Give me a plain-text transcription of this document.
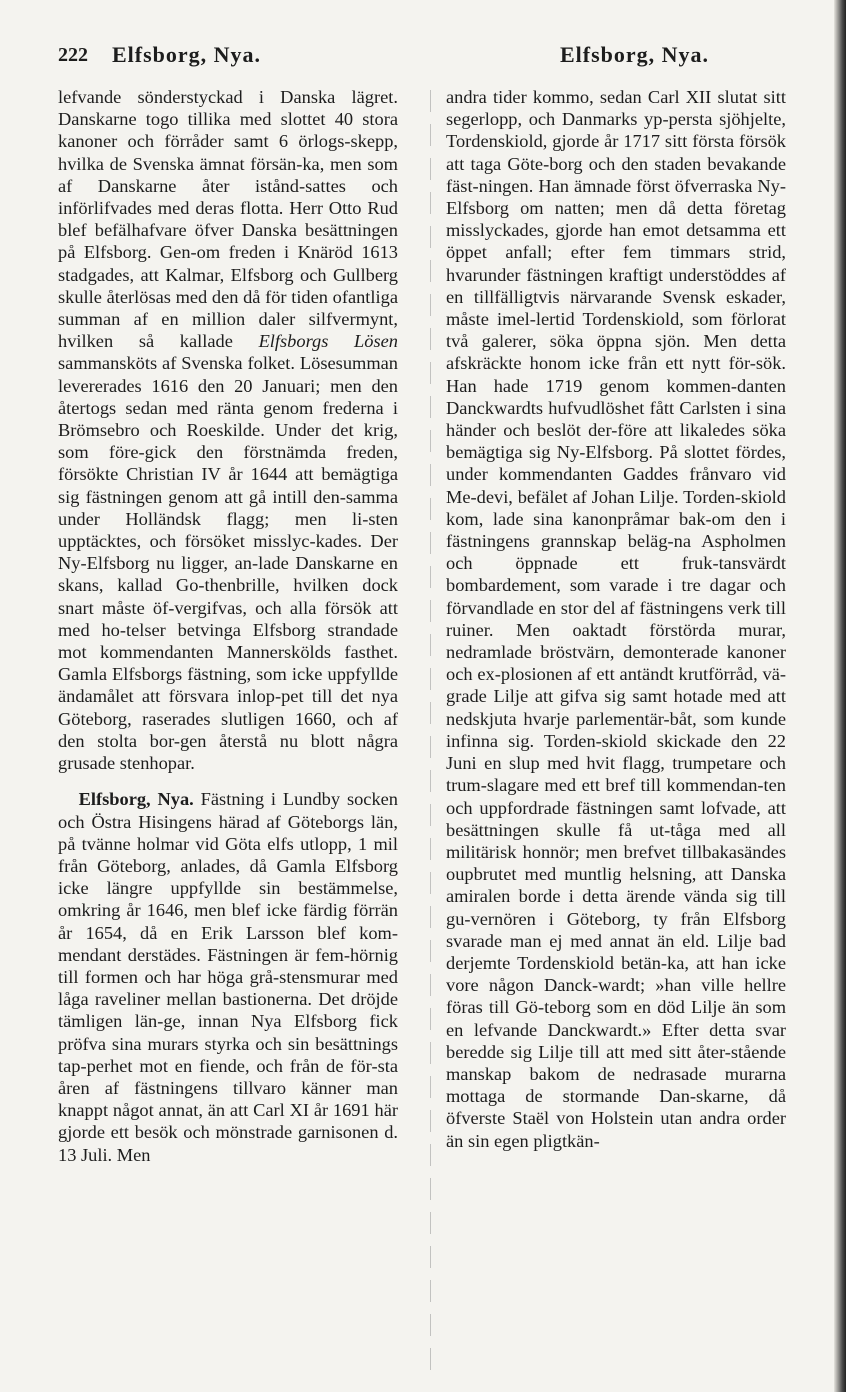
222 Elfsborg, Nya.	Elfsborg, Nya.

lefvande sönderstyckad i Danska lägret. Danskarne togo tillika med slottet 40 stora kanoner och förråder samt 6 örlogs-skepp, hvilka de Svenska ämnat försän-ka, men som af Danskarne åter istånd-sattes och införlifvades med deras flotta. Herr Otto Rud blef befälhafvare öfver Danska besättningen på Elfsborg. Gen-om freden i Knäröd 1613 stadgades, att Kalmar, Elfsborg och Gullberg skulle återlösas med den då för tiden ofantliga summan af en million daler silfvermynt, hvilken så kallade Elfsborgs Lösen sammansköts af Svenska folket. Lösesumman levererades 1616 den 20 Januari; men den återtogs sedan med ränta genom frederna i Brömsebro och Roeskilde. Under det krig, som före-gick den förstnämda freden, försökte Christian IV år 1644 att bemägtiga sig fästningen genom att gå intill den-samma under Holländsk flagg; men li-sten upptäcktes, och försöket misslyc-kades. Der Ny-Elfsborg nu ligger, an-lade Danskarne en skans, kallad Go-thenbrille, hvilken dock snart måste öf-vergifvas, och alla försök att med ho-telser betvinga Elfsborg strandade mot kommendanten Mannerskölds fasthet. Gamla Elfsborgs fästning, som icke uppfyllde ändamålet att försvara inlop-pet till det nya Göteborg, raserades slutligen 1660, och af den stolta bor-gen återstå nu blott några grusade stenhopar.

Elfsborg, Nya. Fästning i Lundby socken och Östra Hisingens härad af Göteborgs län, på tvänne holmar vid Göta elfs utlopp, 1 mil från Göteborg, anlades, då Gamla Elfsborg icke längre uppfyllde sin bestämmelse, omkring år 1646, men blef icke färdig förrän år 1654, då en Erik Larsson blef kom-mendant derstädes. Fästningen är fem-hörnig till formen och har höga grå-stensmurar med låga raveliner mellan bastionerna. Det dröjde tämligen län-ge, innan Nya Elfsborg fick pröfva sina murars styrka och sin besättnings tap-perhet mot en fiende, och från de för-sta åren af fästningens tillvaro känner man knappt något annat, än att Carl XI år 1691 här gjorde ett besök och mönstrade garnisonen d. 13 Juli. Men

andra tider kommo, sedan Carl XII slutat sitt segerlopp, och Danmarks yp-persta sjöhjelte, Tordenskiold, gjorde år 1717 sitt första försök att taga Göte-borg och den staden bevakande fäst-ningen. Han ämnade först öfverraska Ny-Elfsborg om natten; men då detta företag misslyckades, gjorde han emot detsamma ett öppet anfall; efter fem timmars strid, hvarunder fästningen kraftigt understöddes af en tillfälligtvis närvarande Svensk eskader, måste imel-lertid Tordenskiold, som förlorat två galerer, söka öppna sjön. Men detta afskräckte honom icke från ett nytt för-sök. Han hade 1719 genom kommen-danten Danckwardts hufvudlöshet fått Carlsten i sina händer och beslöt der-före att likaledes söka bemägtiga sig Ny-Elfsborg. På slottet fördes, under kommendanten Gaddes frånvaro vid Me-devi, befälet af Johan Lilje. Torden-skiold kom, lade sina kanonpråmar bak-om den i fästningens grannskap beläg-na Aspholmen och öppnade ett fruk-tansvärdt bombardement, som varade i tre dagar och förvandlade en stor del af fästningens verk till ruiner. Men oaktadt förstörda murar, nedramlade bröstvärn, demonterade kanoner och ex-plosionen af ett antändt krutförråd, vä-grade Lilje att gifva sig samt hotade med att nedskjuta hvarje parlementär-båt, som kunde infinna sig. Torden-skiold skickade den 22 Juni en slup med hvit flagg, trumpetare och trum-slagare med ett bref till kommendan-ten och uppfordrade fästningen samt lofvade, att besättningen skulle få ut-tåga med all militärisk honnör; men brefvet tillbakasändes oupbrutet med muntlig helsning, att Danska amiralen borde i detta ärende vända sig till gu-vernören i Göteborg, ty från Elfsborg svarade man ej med annat än eld. Lilje bad derjemte Tordenskiold betän-ka, att han icke vore någon Danck-wardt; »han ville hellre föras till Gö-teborg som en död Lilje än som en lefvande Danckwardt.» Efter detta svar beredde sig Lilje till att med sitt åter-stående manskap bakom de nedrasade murarna mottaga de stormande Dan-skarne, då öfverste Staël von Holstein utan andra order än sin egen pligtkän-
